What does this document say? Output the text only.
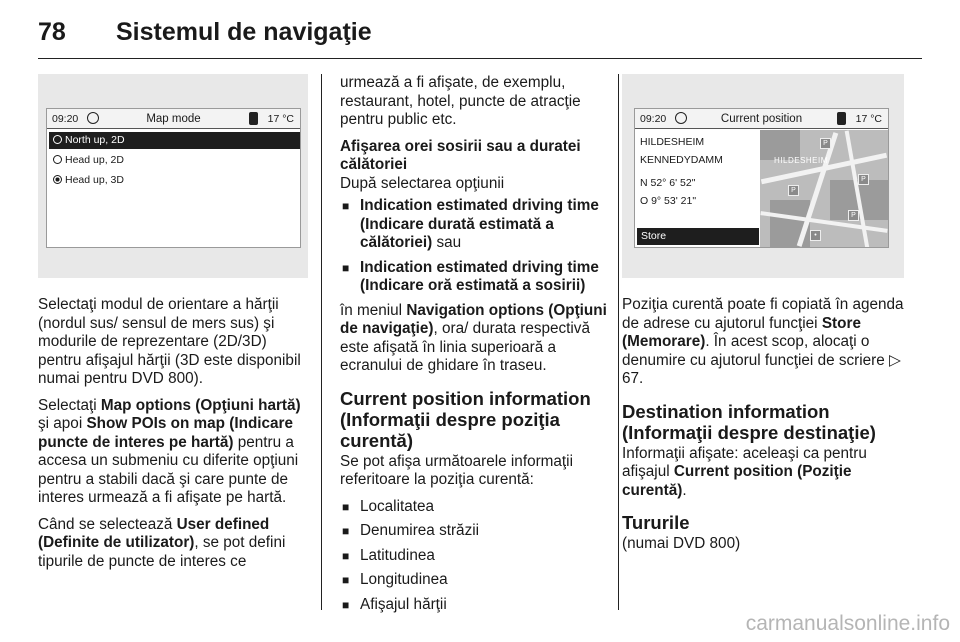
78 Sistemul de navigaţie
09:20	Map mode	17 °C
North up, 2D
Head up, 2D
Head up, 3D

Selectaţi modul de orientare a hărţii (nordul sus/ sensul de mers sus) şi modurile de reprezentare (2D/3D) pentru afişajul hărţii (3D este disponibil numai pentru DVD 800).

Selectaţi Map options (Opţiuni hartă) şi apoi Show POIs on map (Indicare puncte de interes pe hartă) pentru a accesa un submeniu cu diferite opţiuni pentru a stabili dacă şi care punte de interes urmează a fi afişate pe hartă.

Când se selectează User defined (Definite de utilizator), se pot defini tipurile de puncte de interes ce

urmează a fi afişate, de exemplu, restaurant, hotel, puncte de atracţie pentru public etc.

Afişarea orei sosirii sau a duratei călătoriei

După selectarea opţiunii

■ Indication estimated driving time (Indicare durată estimată a călătoriei) sau
■ Indication estimated driving time (Indicare oră estimată a sosirii)

în meniul Navigation options (Opţiuni de navigaţie), ora/ durata respectivă este afişată în linia superioară a ecranului de ghidare în traseu.

Current position information (Informaţii despre poziţia curentă)

Se pot afişa următoarele informaţii referitoare la poziţia curentă:

■ Localitatea
■ Denumirea străzii
■ Latitudinea
■ Longitudinea
■ Afişajul hărţii
09:20	Current position	17 °C
HILDESHEIM
KENNEDYDAMM
N 52° 6' 52"
O 9° 53' 21"
Store
HILDESHEIM
P
P
P
P
•

Poziţia curentă poate fi copiată în agenda de adrese cu ajutorul funcţiei Store (Memorare). În acest scop, alocaţi o denumire cu ajutorul funcţiei de scriere ▷ 67.

Destination information (Informaţii despre destinaţie)

Informaţii afişate: aceleaşi ca pentru afişajul Current position (Poziţie curentă).

Tururile

(numai DVD 800)

carmanualsonline.info
